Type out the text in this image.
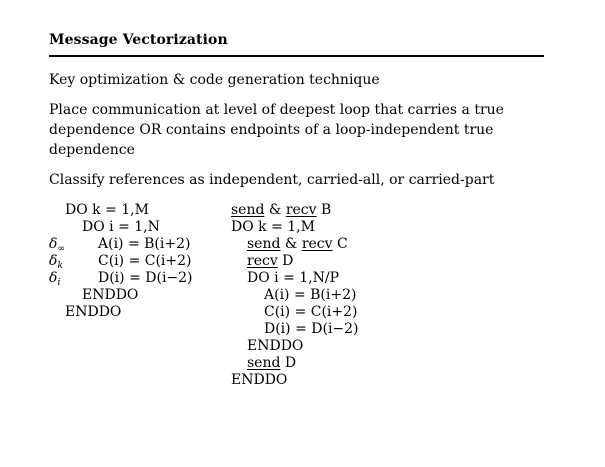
Message Vectorization
Key optimization & code generation technique
Place communication at level of deepest loop that carries a true dependence OR contains endpoints of a loop-independent true dependence
Classify references as independent, carried-all, or carried-part

DO k = 1,M

DO i = 1,N

$\delta_\infty$

A(i) = B(i+2)

$\delta_k$

	C(i) = C(i+2)

$\delta_i$

	D(i) = D(i−2)

ENDDO

ENDDO

send & recv B

DO k = 1,M

send & recv C

recv D

DO i = 1,N/P

A(i) = B(i+2)

C(i) = C(i+2)

D(i) = D(i−2)

ENDDO

send D

ENDDO
